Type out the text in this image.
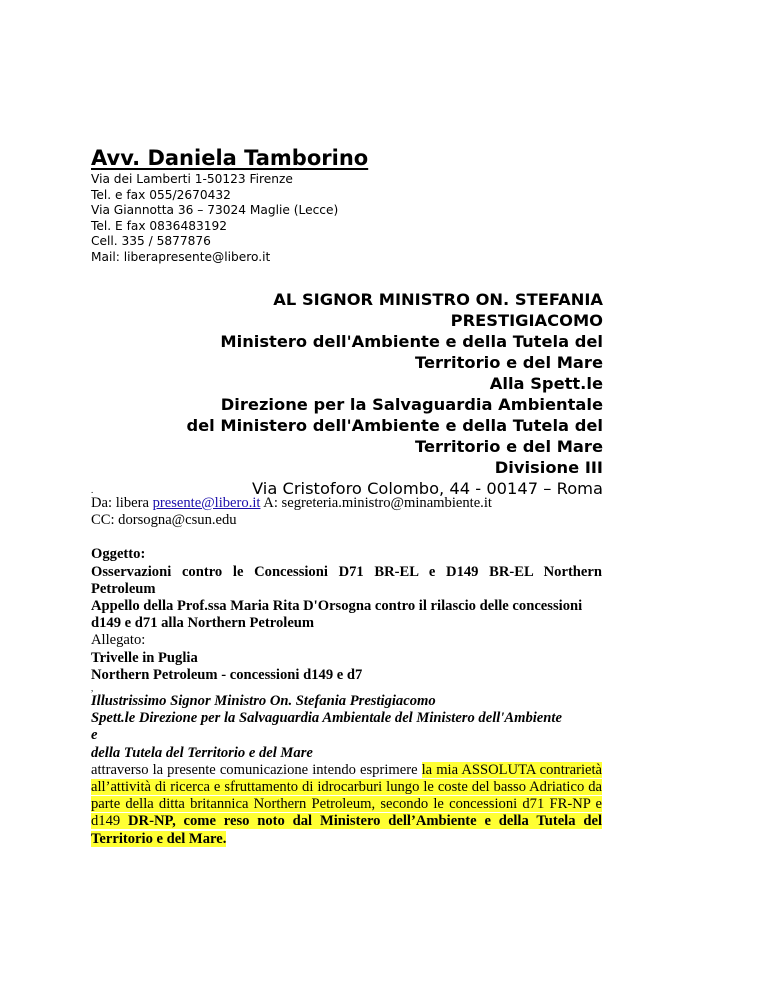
Avv. Daniela Tamborino
Via dei Lamberti 1-50123 Firenze
Tel. e fax 055/2670432
Via Giannotta 36 – 73024 Maglie (Lecce)
Tel. E fax 0836483192
Cell. 335 / 5877876
Mail: liberapresente@libero.it
AL SIGNOR MINISTRO ON. STEFANIA
PRESTIGIACOMO
Ministero dell'Ambiente e della Tutela del
Territorio e del Mare
Alla Spett.le
Direzione per la Salvaguardia Ambientale
del Ministero dell'Ambiente e della Tutela del
Territorio e del Mare
Divisione III
Via Cristoforo Colombo, 44 - 00147 – Roma

.

Da: libera presente@libero.it A: segreteria.ministro@minambiente.it

CC: dorsogna@csun.edu

Oggetto:

Osservazioni contro le Concessioni D71 BR-EL e D149 BR-EL Northern Petroleum

Appello della Prof.ssa Maria Rita D'Orsogna contro il rilascio delle concessioni d149 e d71 alla Northern Petroleum

Allegato:

Trivelle in Puglia

Northern Petroleum - concessioni d149 e d7

,

Illustrissimo Signor Ministro On. Stefania Prestigiacomo

Spett.le Direzione per la Salvaguardia Ambientale del Ministero dell'Ambiente

e

della Tutela del Territorio e del Mare

attraverso la presente comunicazione intendo esprimere la mia ASSOLUTA contrarietà all’attività di ricerca e sfruttamento di idrocarburi lungo le coste del basso Adriatico da parte della ditta britannica Northern Petroleum, secondo le concessioni d71 FR-NP e d149 DR-NP, come reso noto dal Ministero dell’Ambiente e della Tutela del Territorio e del Mare.
